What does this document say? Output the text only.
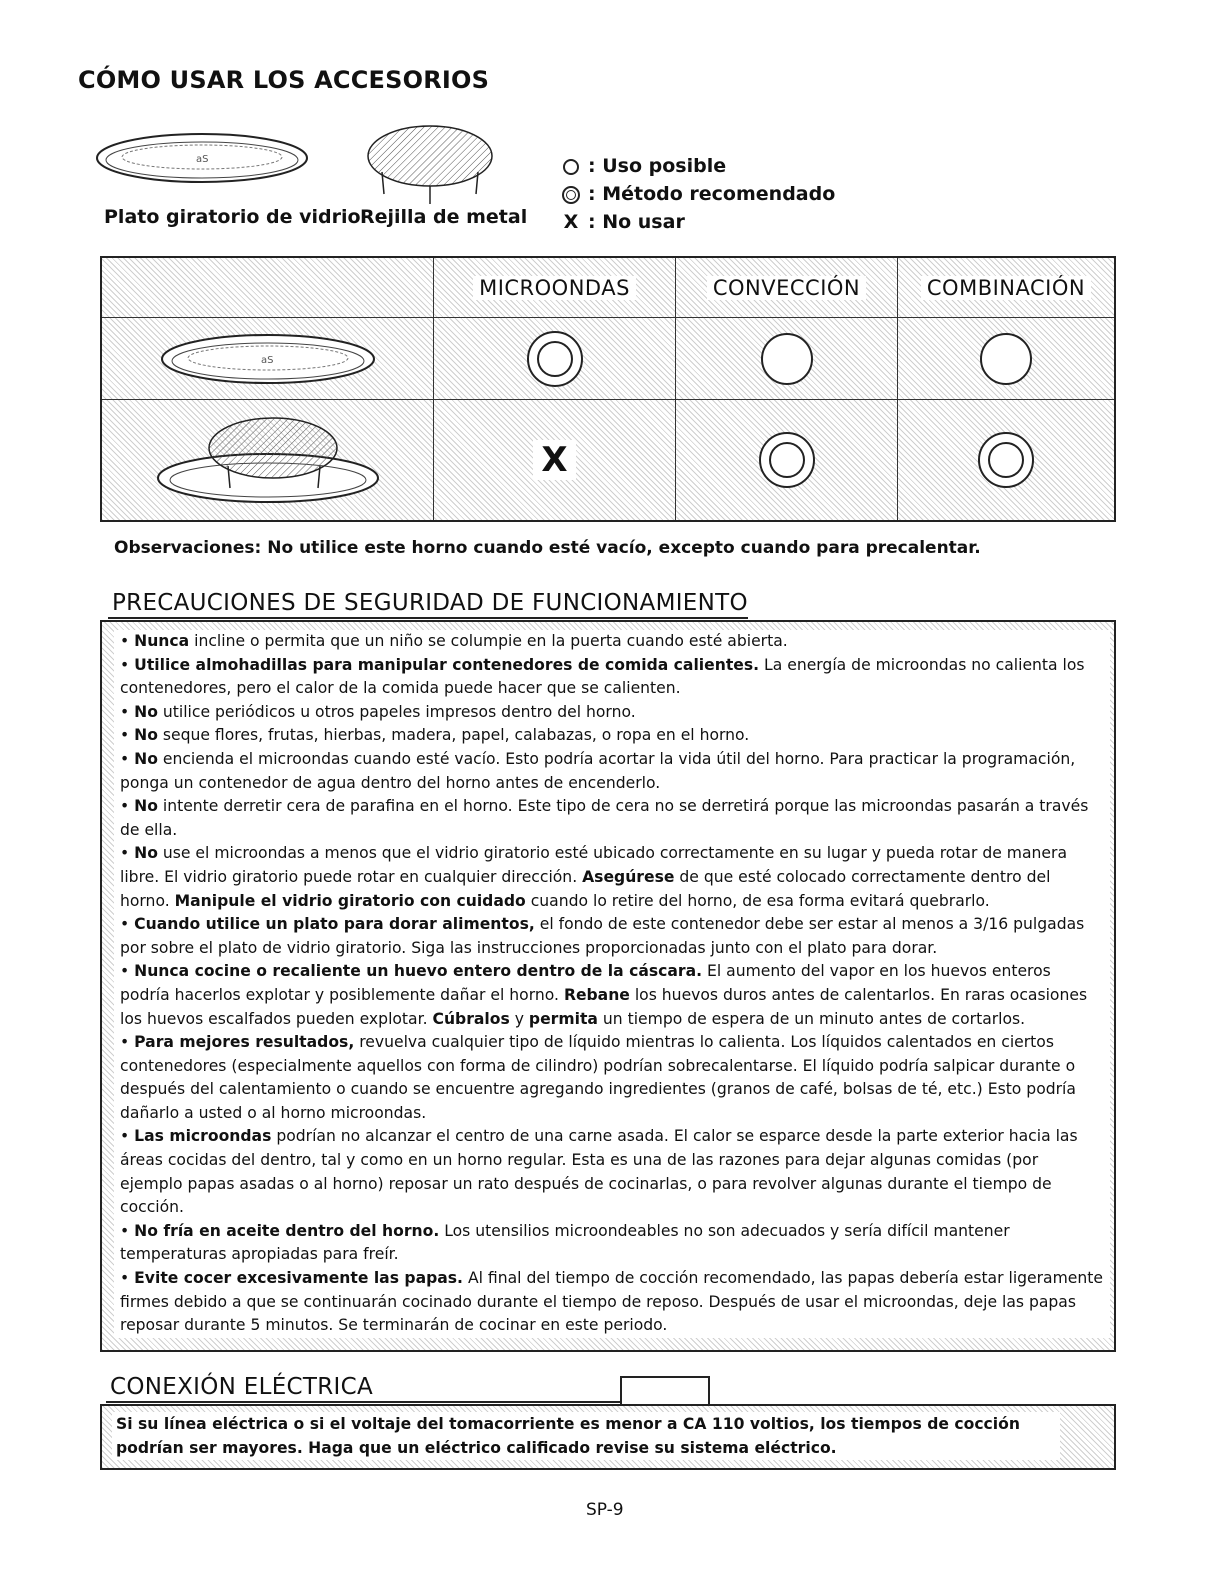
CÓMO USAR LOS ACCESORIOS
aS
Plato giratorio de vidrio Rejilla de metal
: Uso posible
: Método recomendado
X : No usar
MICROONDAS	CONVECCIÓN	COMBINACIÓN
aS
X
Observaciones: No utilice este horno cuando esté vacío, excepto cuando para precalentar.
PRECAUCIONES DE SEGURIDAD DE FUNCIONAMIENTO

• Nunca incline o permita que un niño se columpie en la puerta cuando esté abierta.

• Utilice almohadillas para manipular contenedores de comida calientes. La energía de microondas no calienta los contenedores, pero el calor de la comida puede hacer que se calienten.

• No utilice periódicos u otros papeles impresos dentro del horno.

• No seque flores, frutas, hierbas, madera, papel, calabazas, o ropa en el horno.

• No encienda el microondas cuando esté vacío. Esto podría acortar la vida útil del horno. Para practicar la programación, ponga un contenedor de agua dentro del horno antes de encenderlo.

• No intente derretir cera de parafina en el horno. Este tipo de cera no se derretirá porque las microondas pasarán a través de ella.

• No use el microondas a menos que el vidrio giratorio esté ubicado correctamente en su lugar y pueda rotar de manera libre. El vidrio giratorio puede rotar en cualquier dirección. Asegúrese de que esté colocado correctamente dentro del horno. Manipule el vidrio giratorio con cuidado cuando lo retire del horno, de esa forma evitará quebrarlo.

• Cuando utilice un plato para dorar alimentos, el fondo de este contenedor debe ser estar al menos a 3/16 pulgadas por sobre el plato de vidrio giratorio. Siga las instrucciones proporcionadas junto con el plato para dorar.

• Nunca cocine o recaliente un huevo entero dentro de la cáscara. El aumento del vapor en los huevos enteros podría hacerlos explotar y posiblemente dañar el horno. Rebane los huevos duros antes de calentarlos. En raras ocasiones los huevos escalfados pueden explotar. Cúbralos y permita un tiempo de espera de un minuto antes de cortarlos.

• Para mejores resultados, revuelva cualquier tipo de líquido mientras lo calienta. Los líquidos calentados en ciertos contenedores (especialmente aquellos con forma de cilindro) podrían sobrecalentarse. El líquido podría salpicar durante o después del calentamiento o cuando se encuentre agregando ingredientes (granos de café, bolsas de té, etc.) Esto podría dañarlo a usted o al horno microondas.

• Las microondas podrían no alcanzar el centro de una carne asada. El calor se esparce desde la parte exterior hacia las áreas cocidas del dentro, tal y como en un horno regular. Esta es una de las razones para dejar algunas comidas (por ejemplo papas asadas o al horno) reposar un rato después de cocinarlas, o para revolver algunas durante el tiempo de cocción.

• No fría en aceite dentro del horno. Los utensilios microondeables no son adecuados y sería difícil mantener temperaturas apropiadas para freír.

• Evite cocer excesivamente las papas. Al final del tiempo de cocción recomendado, las papas debería estar ligeramente firmes debido a que se continuarán cocinado durante el tiempo de reposo. Después de usar el microondas, deje las papas reposar durante 5 minutos. Se terminarán de cocinar en este periodo.

CONEXIÓN ELÉCTRICA
Si su línea eléctrica o si el voltaje del tomacorriente es menor a CA 110 voltios, los tiempos de cocción podrían ser mayores. Haga que un eléctrico calificado revise su sistema eléctrico.
SP-9
